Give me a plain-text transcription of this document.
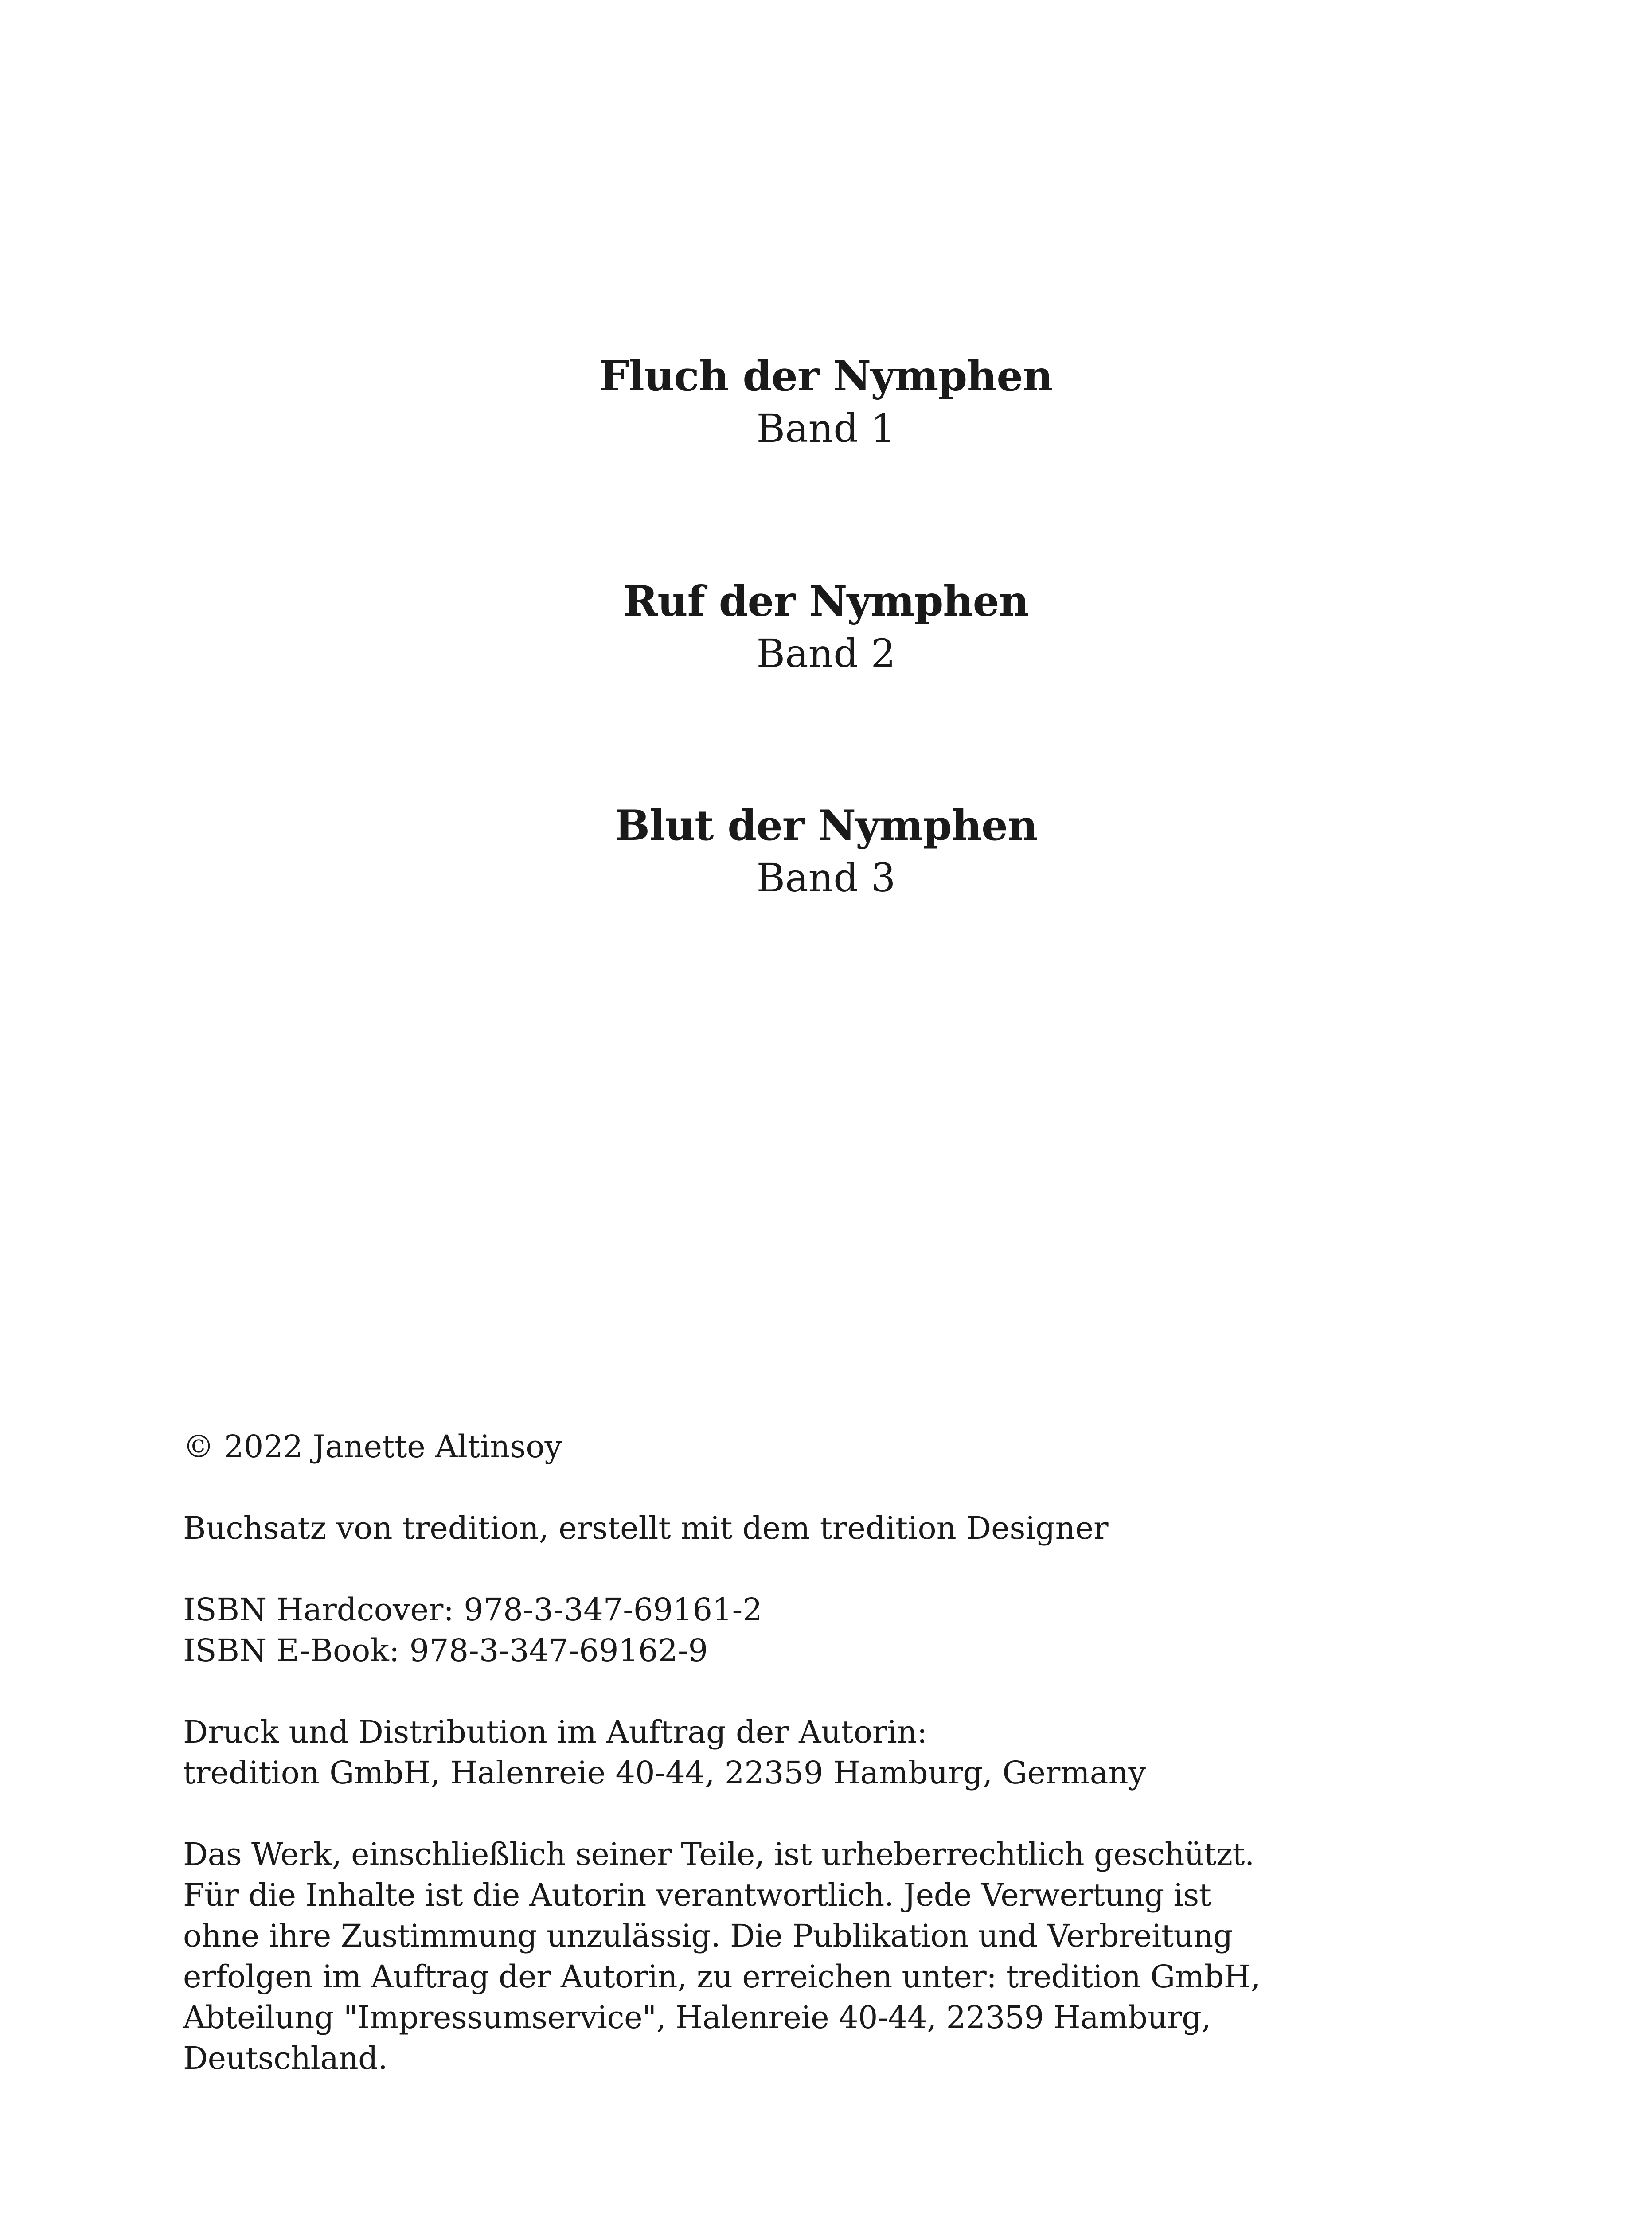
Fluch der Nymphen
Band 1
Ruf der Nymphen
Band 2
Blut der Nymphen
Band 3

© 2022 Janette Altinsoy

Buchsatz von tredition, erstellt mit dem tredition Designer

ISBN Hardcover: 978-3-347-69161-2
ISBN E-Book: 978-3-347-69162-9

Druck und Distribution im Auftrag der Autorin:
tredition GmbH, Halenreie 40-44, 22359 Hamburg, Germany

Das Werk, einschließlich seiner Teile, ist urheberrechtlich geschützt. Für die Inhalte ist die Autorin verantwortlich. Jede Verwertung ist ohne ihre Zustimmung unzulässig. Die Publikation und Verbreitung erfolgen im Auftrag der Autorin, zu erreichen unter: tredition GmbH, Abteilung "Impressumservice", Halenreie 40-44, 22359 Hamburg, Deutschland.
